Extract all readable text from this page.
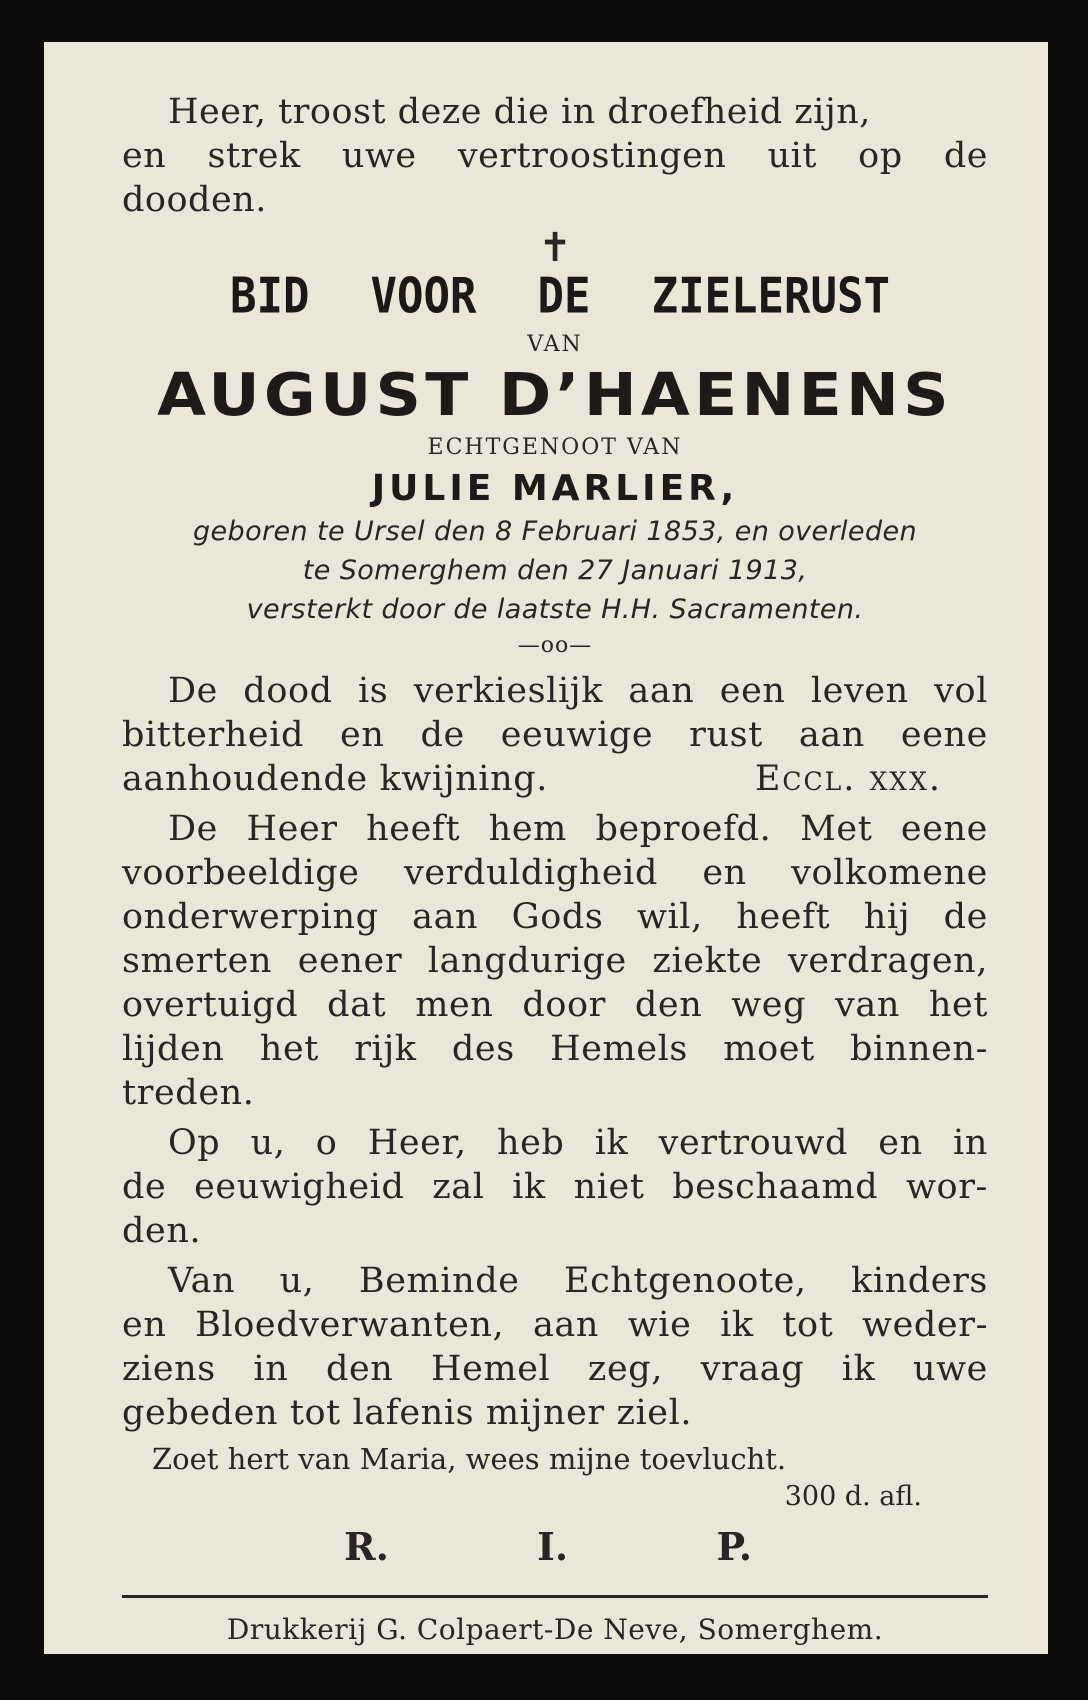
Heer, troost deze die in droefheid zijn,

en strek uwe vertroostingen uit op de

dooden.

✝
BID VOOR DE ZIELERUST
VAN
AUGUST D’HAENENS
ECHTGENOOT VAN
JULIE MARLIER,
geboren te Ursel den 8 Februari 1853, en overleden
te Somerghem den 27 Januari 1913,
versterkt door de laatste H.H. Sacramenten.
—oo—

De dood is verkieslijk aan een leven vol

bitterheid en de eeuwige rust aan eene

aanhoudende kwijning.	Eccl. xxx.

De Heer heeft hem beproefd. Met eene

voorbeeldige verduldigheid en volkomene

onderwerping aan Gods wil, heeft hij de

smerten eener langdurige ziekte verdragen,

overtuigd dat men door den weg van het

lijden het rijk des Hemels moet binnen-

treden.

Op u, o Heer, heb ik vertrouwd en in

de eeuwigheid zal ik niet beschaamd wor-

den.

Van u, Beminde Echtgenoote, kinders

en Bloedverwanten, aan wie ik tot weder-

ziens in den Hemel zeg, vraag ik uwe

gebeden tot lafenis mijner ziel.

Zoet hert van Maria, wees mijne toevlucht.
300 d. afl.
R.	I.	P.
Drukkerij G. Colpaert-De Neve, Somerghem.
